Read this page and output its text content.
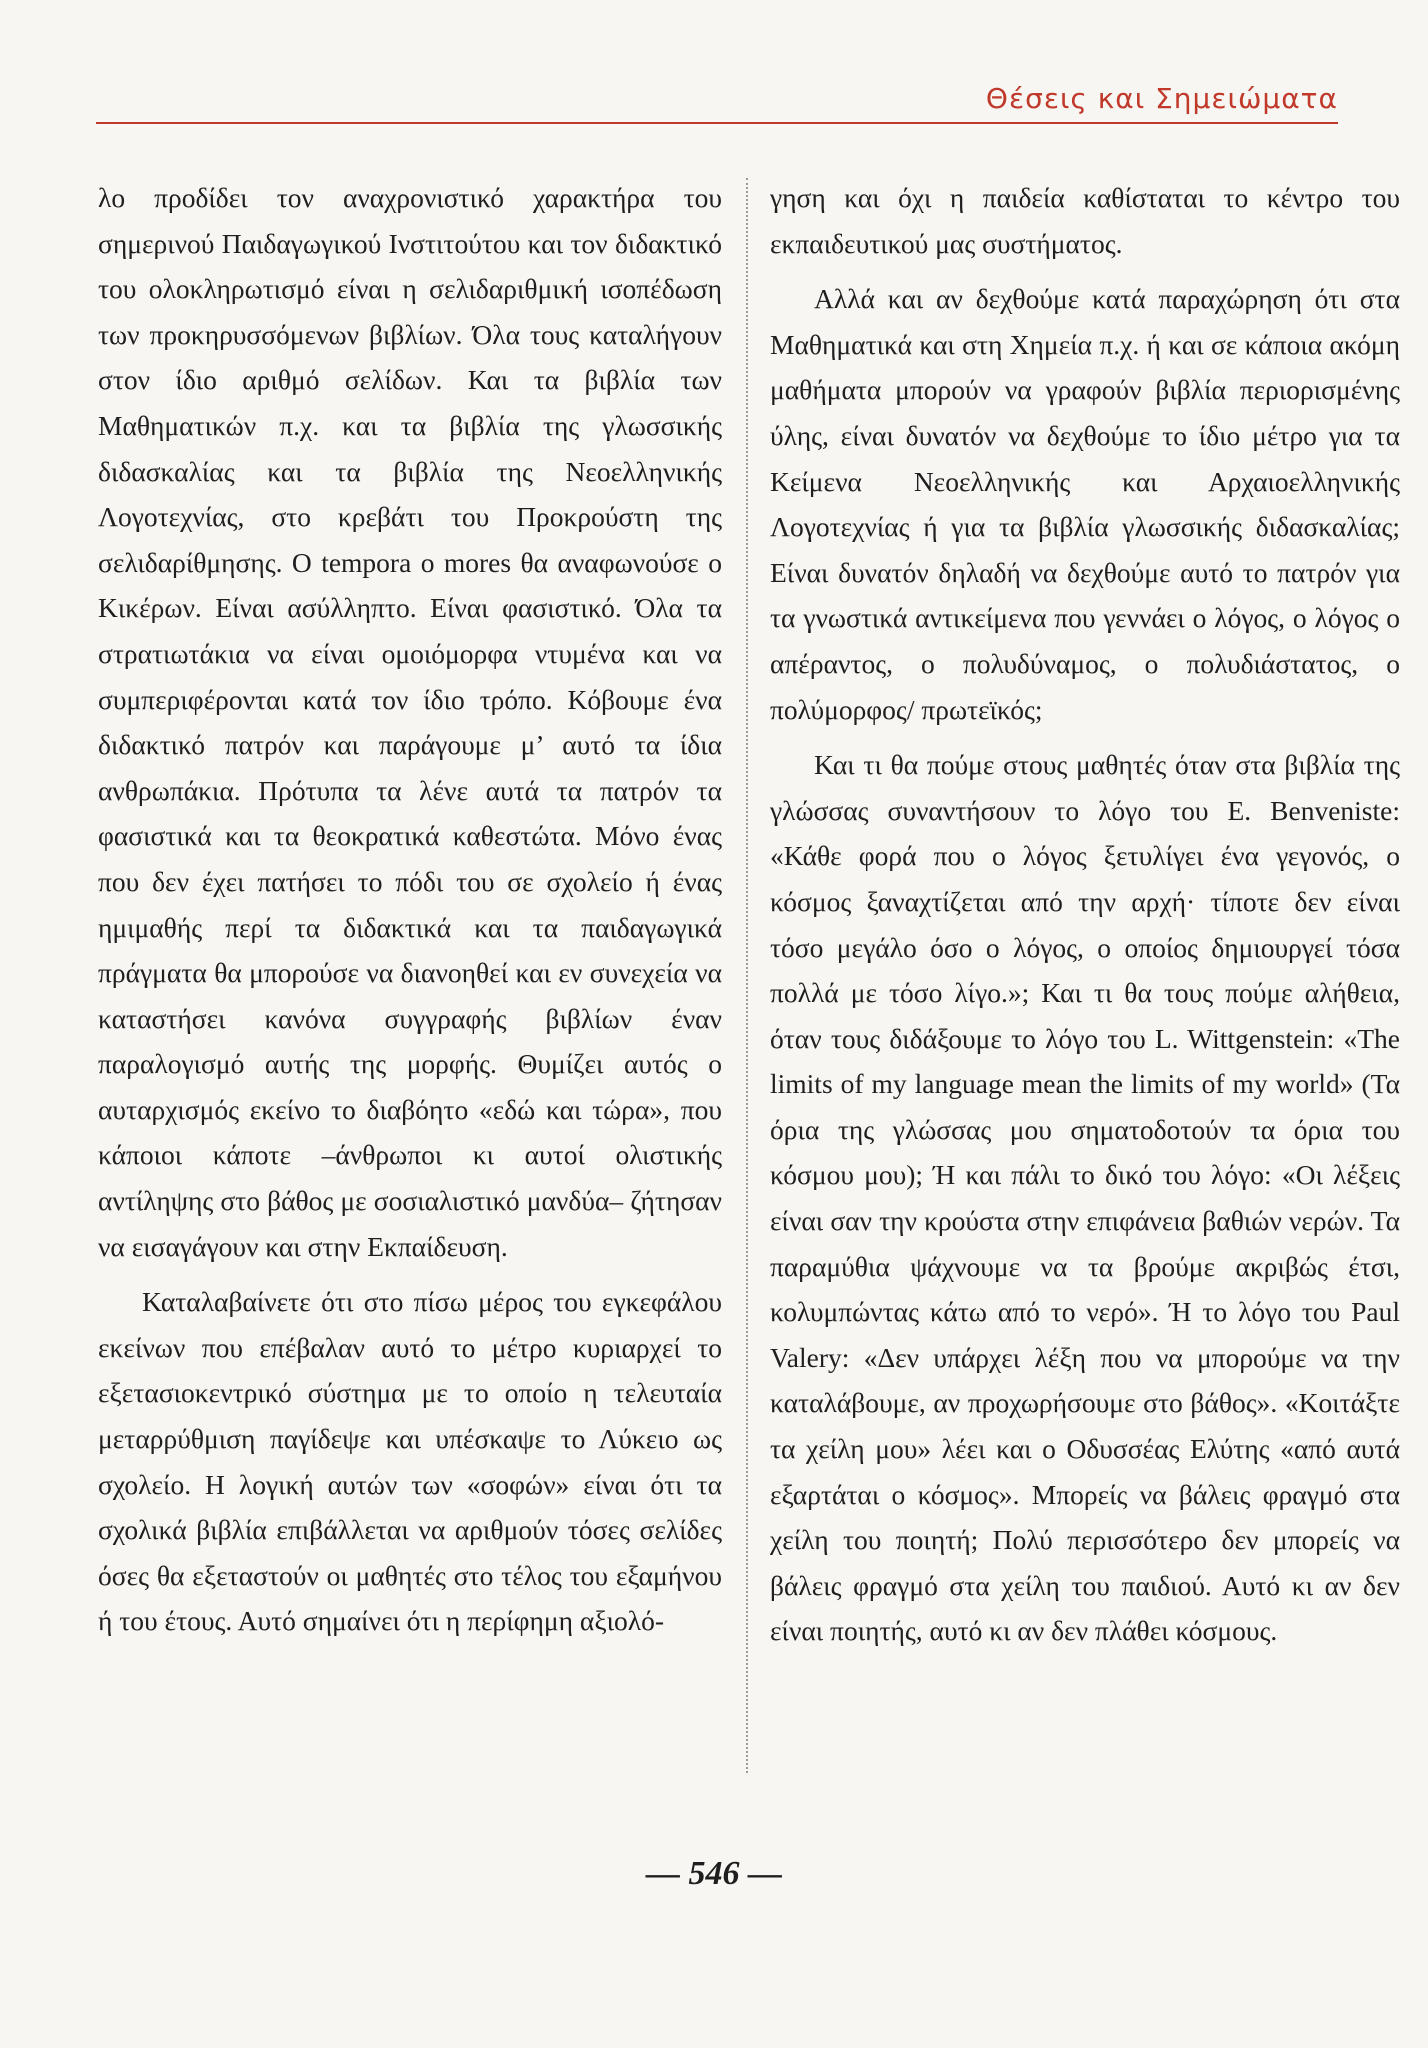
Θέσεις και Σημειώματα

λο προδίδει τον αναχρονιστικό χαρακτήρα του σημερινού Παιδαγωγικού Ινστιτούτου και τον διδακτικό του ολοκληρωτισμό είναι η σελιδαριθμική ισοπέδωση των προκηρυσσόμενων βιβλίων. Όλα τους καταλήγουν στον ίδιο αριθμό σελίδων. Και τα βιβλία των Μαθηματικών π.χ. και τα βιβλία της γλωσσικής διδασκαλίας και τα βιβλία της Νεοελληνικής Λογοτεχνίας, στο κρεβάτι του Προκρούστη της σελιδαρίθμησης. O tempora o mores θα αναφωνούσε ο Κικέρων. Είναι ασύλληπτο. Είναι φασιστικό. Όλα τα στρατιωτάκια να είναι ομοιόμορφα ντυμένα και να συμπεριφέρονται κατά τον ίδιο τρόπο. Κόβουμε ένα διδακτικό πατρόν και παράγουμε μ’ αυτό τα ίδια ανθρωπάκια. Πρότυπα τα λένε αυτά τα πατρόν τα φασιστικά και τα θεοκρατικά καθεστώτα. Μόνο ένας που δεν έχει πατήσει το πόδι του σε σχολείο ή ένας ημιμαθής περί τα διδακτικά και τα παιδαγωγικά πράγματα θα μπορούσε να διανοηθεί και εν συνεχεία να καταστήσει κανόνα συγγραφής βιβλίων έναν παραλογισμό αυτής της μορφής. Θυμίζει αυτός ο αυταρχισμός εκείνο το διαβόητο «εδώ και τώρα», που κάποιοι κάποτε –άνθρωποι κι αυτοί ολιστικής αντίληψης στο βάθος με σοσιαλιστικό μανδύα– ζήτησαν να εισαγάγουν και στην Εκπαίδευση.

Καταλαβαίνετε ότι στο πίσω μέρος του εγκεφάλου εκείνων που επέβαλαν αυτό το μέτρο κυριαρχεί το εξετασιοκεντρικό σύστημα με το οποίο η τελευταία μεταρρύθμιση παγίδεψε και υπέσκαψε το Λύκειο ως σχολείο. Η λογική αυτών των «σοφών» είναι ότι τα σχολικά βιβλία επιβάλλεται να αριθμούν τόσες σελίδες όσες θα εξεταστούν οι μαθητές στο τέλος του εξαμήνου ή του έτους. Αυτό σημαίνει ότι η περίφημη αξιολό-

γηση και όχι η παιδεία καθίσταται το κέντρο του εκπαιδευτικού μας συστήματος.

Αλλά και αν δεχθούμε κατά παραχώρηση ότι στα Μαθηματικά και στη Χημεία π.χ. ή και σε κάποια ακόμη μαθήματα μπορούν να γραφούν βιβλία περιορισμένης ύλης, είναι δυνατόν να δεχθούμε το ίδιο μέτρο για τα Κείμενα Νεοελληνικής και Αρχαιοελληνικής Λογοτεχνίας ή για τα βιβλία γλωσσικής διδασκαλίας; Είναι δυνατόν δηλαδή να δεχθούμε αυτό το πατρόν για τα γνωστικά αντικείμενα που γεννάει ο λόγος, ο λόγος ο απέραντος, ο πολυδύναμος, ο πολυδιάστατος, ο πολύμορφος/ πρωτεϊκός;

Και τι θα πούμε στους μαθητές όταν στα βιβλία της γλώσσας συναντήσουν το λόγο του E. Benveniste: «Κάθε φορά που ο λόγος ξετυλίγει ένα γεγονός, ο κόσμος ξαναχτίζεται από την αρχή· τίποτε δεν είναι τόσο μεγάλο όσο ο λόγος, ο οποίος δημιουργεί τόσα πολλά με τόσο λίγο.»; Και τι θα τους πούμε αλήθεια, όταν τους διδάξουμε το λόγο του L. Wittgenstein: «The limits of my language mean the limits of my world» (Τα όρια της γλώσσας μου σηματοδοτούν τα όρια του κόσμου μου); Ή και πάλι το δικό του λόγο: «Οι λέξεις είναι σαν την κρούστα στην επιφάνεια βαθιών νερών. Τα παραμύθια ψάχνουμε να τα βρούμε ακριβώς έτσι, κολυμπώντας κάτω από το νερό». Ή το λόγο του Paul Valery: «Δεν υπάρχει λέξη που να μπορούμε να την καταλάβουμε, αν προχωρήσουμε στο βάθος». «Κοιτάξτε τα χείλη μου» λέει και ο Οδυσσέας Ελύτης «από αυτά εξαρτάται ο κόσμος». Μπορείς να βάλεις φραγμό στα χείλη του ποιητή; Πολύ περισσότερο δεν μπορείς να βάλεις φραγμό στα χείλη του παιδιού. Αυτό κι αν δεν είναι ποιητής, αυτό κι αν δεν πλάθει κόσμους.

— 546 —
